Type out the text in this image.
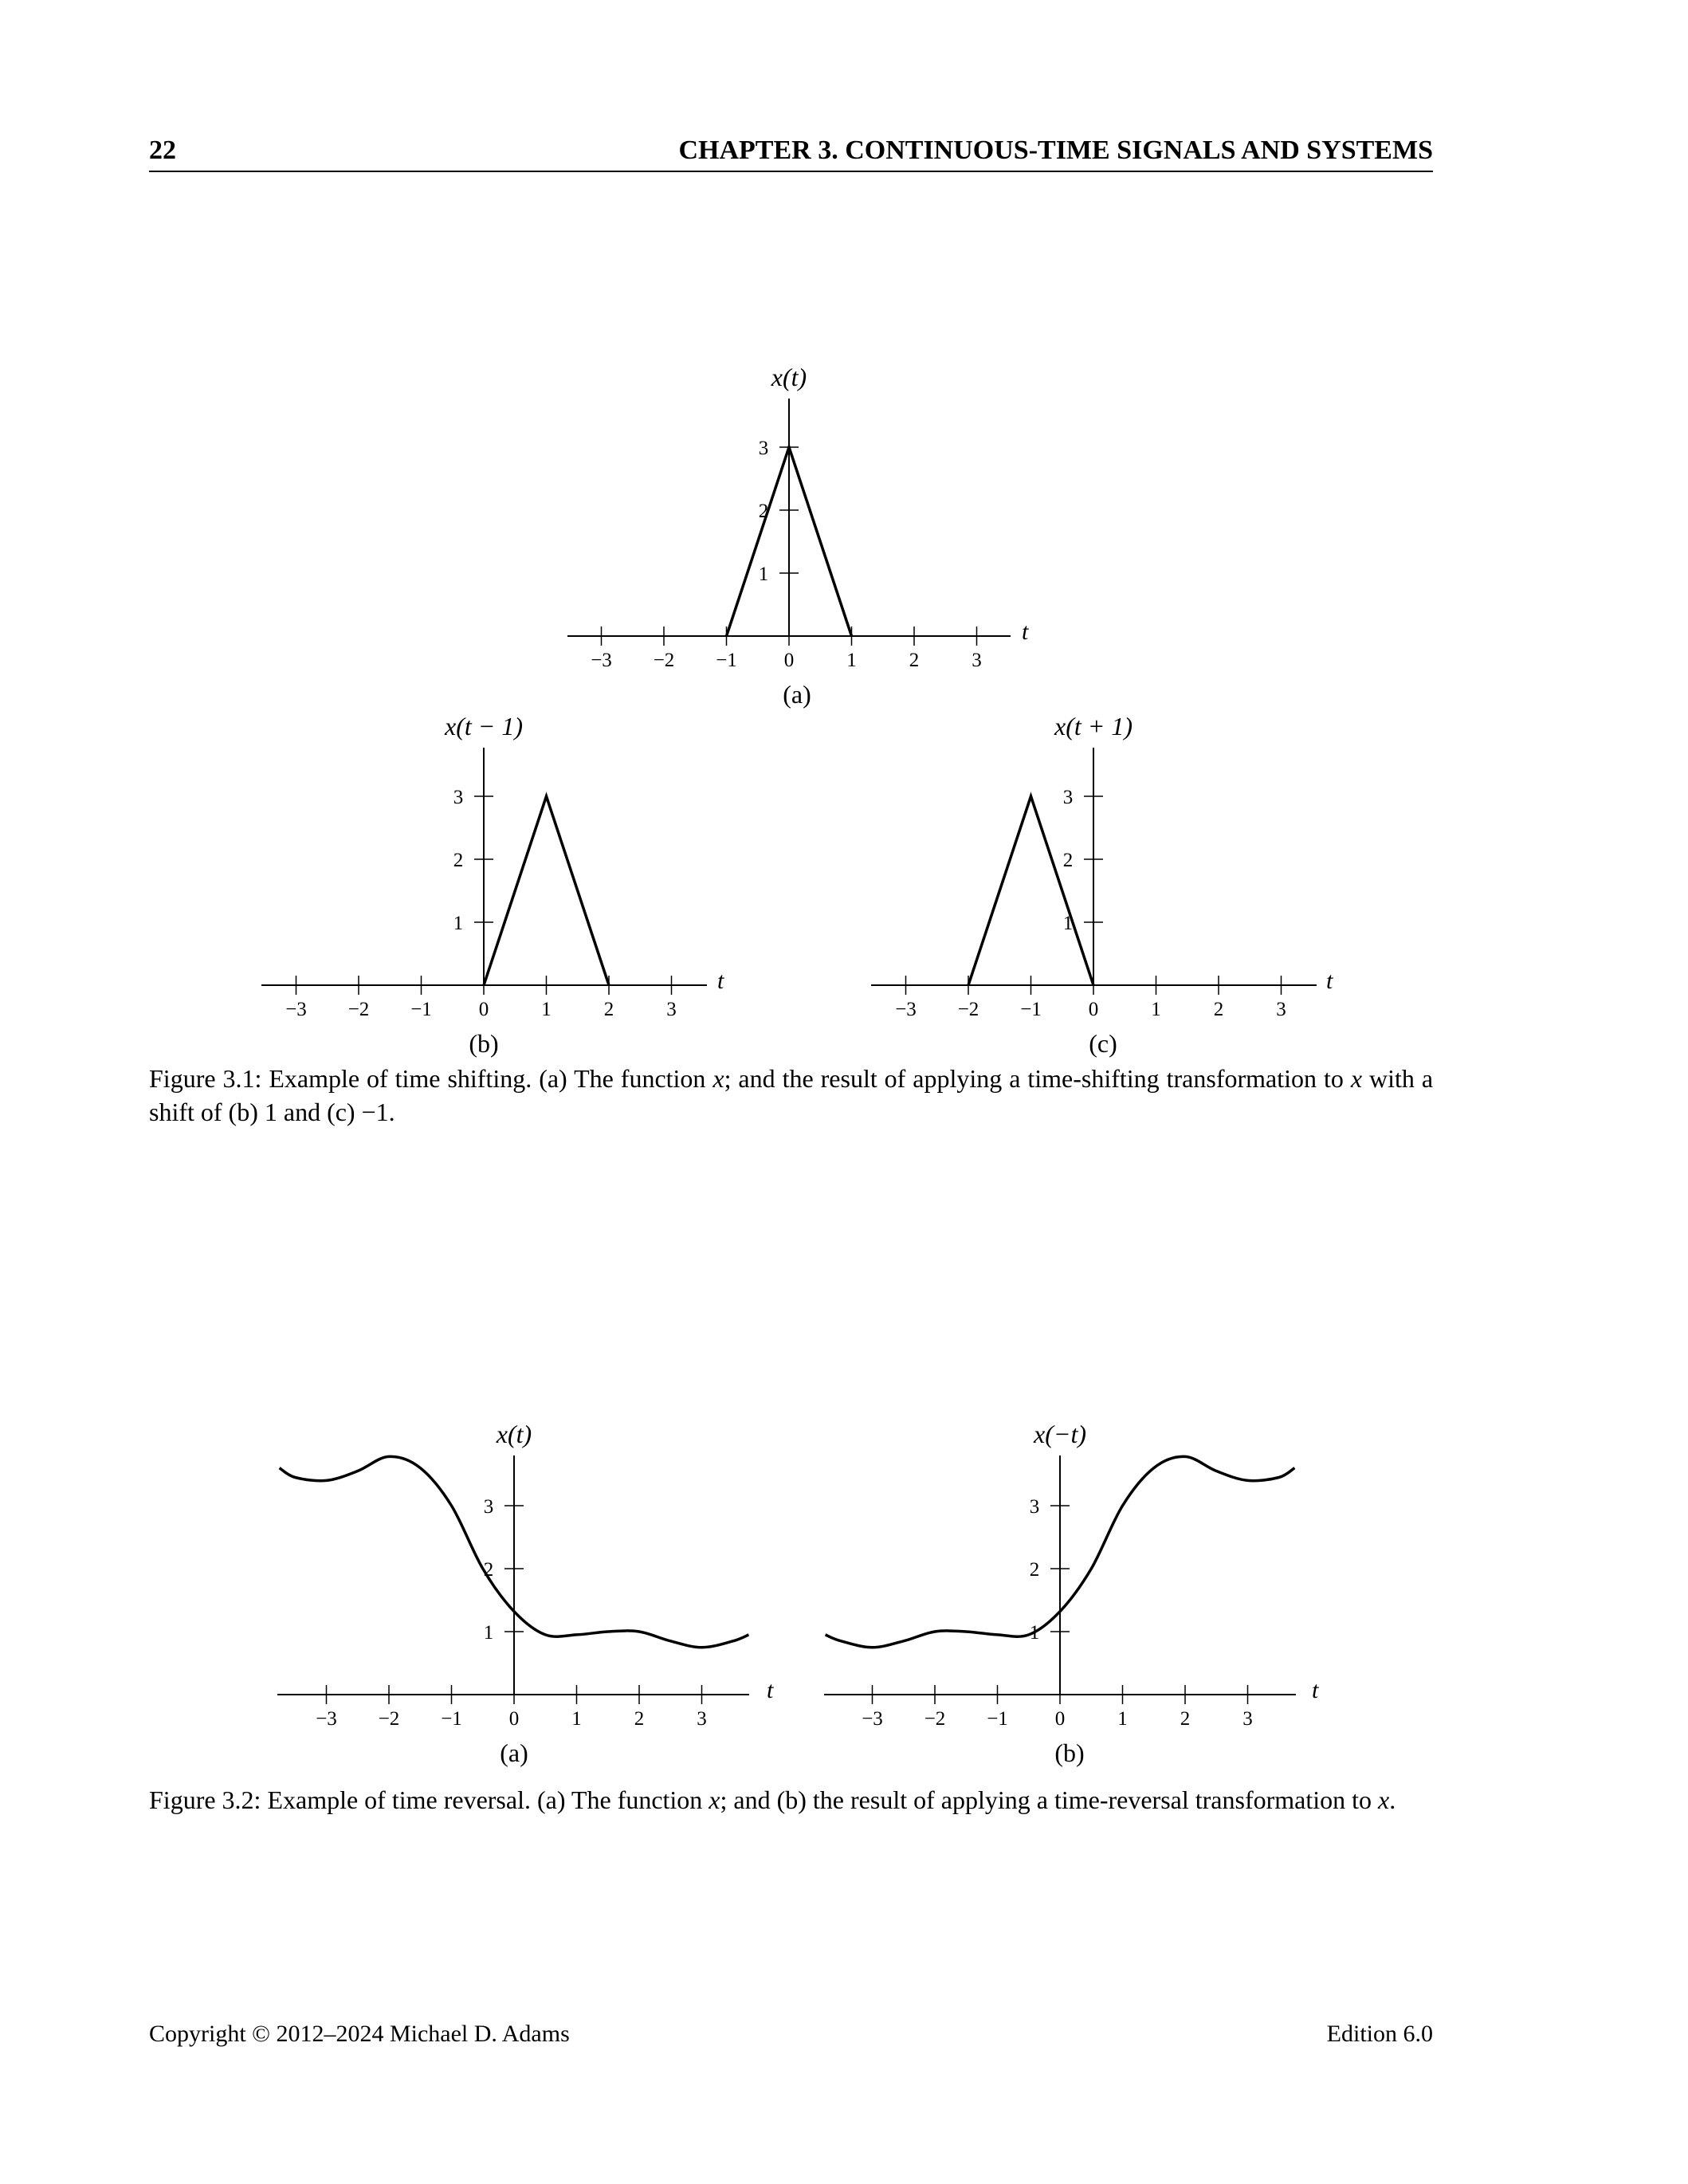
22	CHAPTER 3. CONTINUOUS-TIME SIGNALS AND SYSTEMS
−3 −2 −1 0	1	2	3
1
2
3
t
x(t)
(a)
−3 −2 −1 0	1	2	3
1
2
3
t
x(t − 1)
(b)
−3 −2 −1 0	1	2	3
1
2
3
t
x(t + 1)
(c)
−3 −2 −1 0	1	2	3
1
2
3
t
x(t)
(a)
−3 −2 −1 0	1	2	3
1
2
3
t
x(−t)
(b)
Figure 3.1: Example of time shifting. (a) The function x; and the result of applying a time-shifting transformation to x with a shift of (b) 1 and (c) −1.
Figure 3.2: Example of time reversal. (a) The function x; and (b) the result of applying a time-reversal transformation to x.
Copyright © 2012–2024 Michael D. Adams	Edition 6.0
